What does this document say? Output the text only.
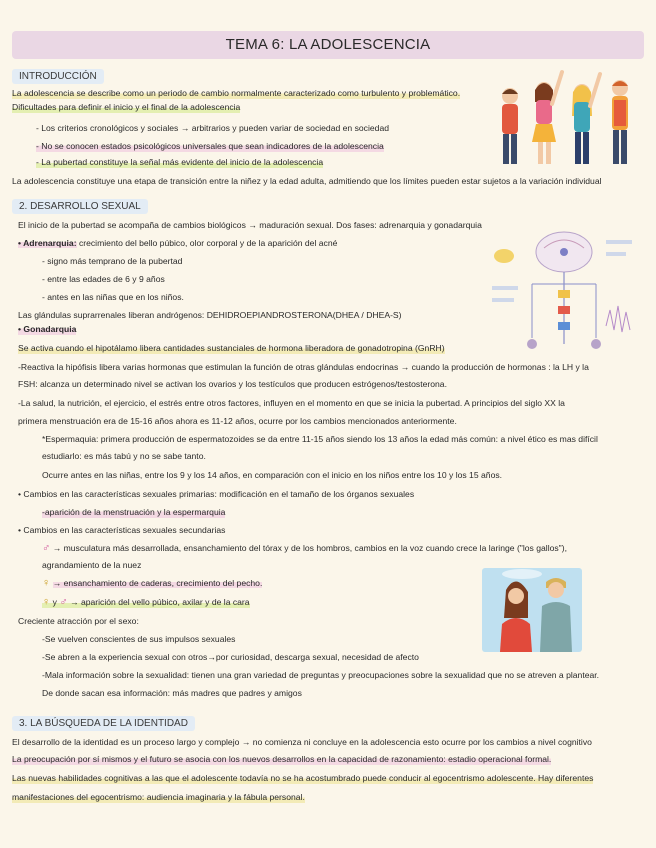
TEMA 6: LA ADOLESCENCIA
INTRODUCCIÓN
La adolescencia se describe como un periodo de cambio normalmente caracterizado como turbulento y problemático.
Dificultades para definir el inicio y el final de la adolescencia
- Los criterios cronológicos y sociales → arbitrarios y pueden variar de sociedad en sociedad
- No se conocen estados psicológicos universales que sean indicadores de la adolescencia
- La pubertad constituye la señal más evidente del inicio de la adolescencia
La adolescencia constituye una etapa de transición entre la niñez y la edad adulta, admitiendo que los límites pueden estar sujetos a la variación individual
2. DESARROLLO SEXUAL
El inicio de la pubertad se acompaña de cambios biológicos → maduración sexual. Dos fases: adrenarquia y gonadarquia
• Adrenarquia: crecimiento del bello púbico, olor corporal y de la aparición del acné
- signo más temprano de la pubertad
- entre las edades de 6 y 9 años
- antes en las niñas que en los niños.
Las glándulas suprarrenales liberan andrógenos: DEHIDROEPIANDROSTERONA(DHEA / DHEA-S)
• Gonadarquia
Se activa cuando el hipotálamo libera cantidades sustanciales de hormona liberadora de gonadotropina (GnRH)
-Reactiva la hipófisis libera varias hormonas que estimulan la función de otras glándulas endocrinas → cuando la producción de hormonas : la LH y la
FSH: alcanza un determinado nivel se activan los ovarios y los testículos que producen estrógenos/testosterona.
-La salud, la nutrición, el ejercicio, el estrés entre otros factores, influyen en el momento en que se inicia la pubertad. A principios del siglo XX la
primera menstruación era de 15-16 años ahora es 11-12 años, ocurre por los cambios mencionados anteriormente.
*Espermaquia: primera producción de espermatozoides se da entre 11-15 años siendo los 13 años la edad más común: a nivel ético es mas difícil
estudiarlo: es más tabú y no se sabe tanto.
Ocurre antes en las niñas, entre los 9 y los 14 años, en comparación con el inicio en los niños entre los 10 y los 15 años.
• Cambios en las características sexuales primarias: modificación en el tamaño de los órganos sexuales
-aparición de la menstruación y la espermarquia
• Cambios en las características sexuales secundarias
♂ → musculatura más desarrollada, ensanchamiento del tórax y de los hombros, cambios en la voz cuando crece la laringe ("los gallos"),
agrandamiento de la nuez
♀ → ensanchamiento de caderas, crecimiento del pecho.
♀ y ♂ → aparición del vello púbico, axilar y de la cara
Creciente atracción por el sexo:
-Se vuelven conscientes de sus impulsos sexuales
-Se abren a la experiencia sexual con otros→por curiosidad, descarga sexual, necesidad de afecto
-Mala información sobre la sexualidad: tienen una gran variedad de preguntas y preocupaciones sobre la sexualidad que no se atreven a plantear.
De donde sacan esa información: más madres que padres y amigos
3. LA BÚSQUEDA DE LA IDENTIDAD
El desarrollo de la identidad es un proceso largo y complejo → no comienza ni concluye en la adolescencia esto ocurre por los cambios a nivel cognitivo
La preocupación por sí mismos y el futuro se asocia con los nuevos desarrollos en la capacidad de razonamiento: estadio operacional formal.
Las nuevas habilidades cognitivas a las que el adolescente todavía no se ha acostumbrado puede conducir al egocentrismo adolescente. Hay diferentes
manifestaciones del egocentrismo: audiencia imaginaria y la fábula personal.
